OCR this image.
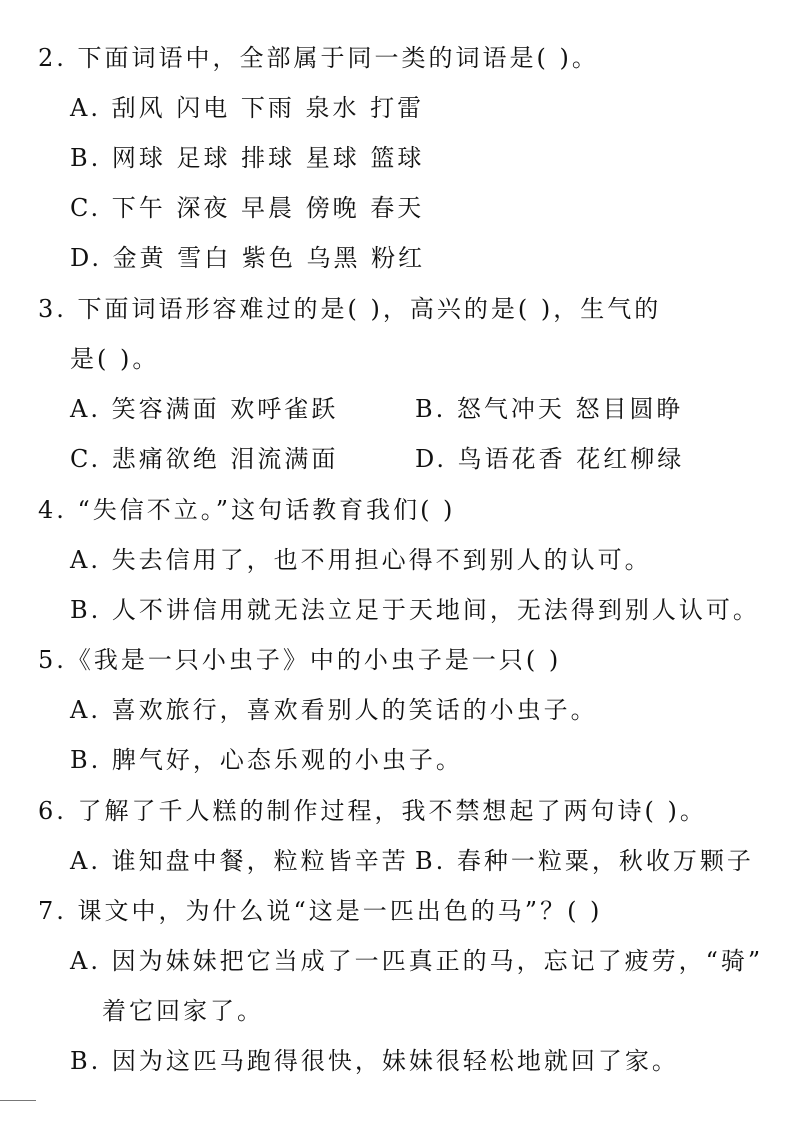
2. 下面词语中，全部属于同一类的词语是( )。
A. 刮风 闪电 下雨 泉水 打雷
B. 网球 足球 排球 星球 篮球
C. 下午 深夜 早晨 傍晚 春天
D. 金黄 雪白 紫色 乌黑 粉红
3. 下面词语形容难过的是( )，高兴的是( )，生气的
是( )。
A. 笑容满面 欢呼雀跃	B. 怒气冲天 怒目圆睁
C. 悲痛欲绝 泪流满面	D. 鸟语花香 花红柳绿
4. “失信不立。”这句话教育我们( )
A. 失去信用了，也不用担心得不到别人的认可。
B. 人不讲信用就无法立足于天地间，无法得到别人认可。
5.《我是一只小虫子》中的小虫子是一只( )
A. 喜欢旅行，喜欢看别人的笑话的小虫子。
B. 脾气好，心态乐观的小虫子。
6. 了解了千人糕的制作过程，我不禁想起了两句诗( )。
A. 谁知盘中餐，粒粒皆辛苦 B. 春种一粒粟，秋收万颗子
7. 课文中，为什么说“这是一匹出色的马”？( )
A. 因为妹妹把它当成了一匹真正的马，忘记了疲劳，“骑”
着它回家了。
B. 因为这匹马跑得很快，妹妹很轻松地就回了家。
